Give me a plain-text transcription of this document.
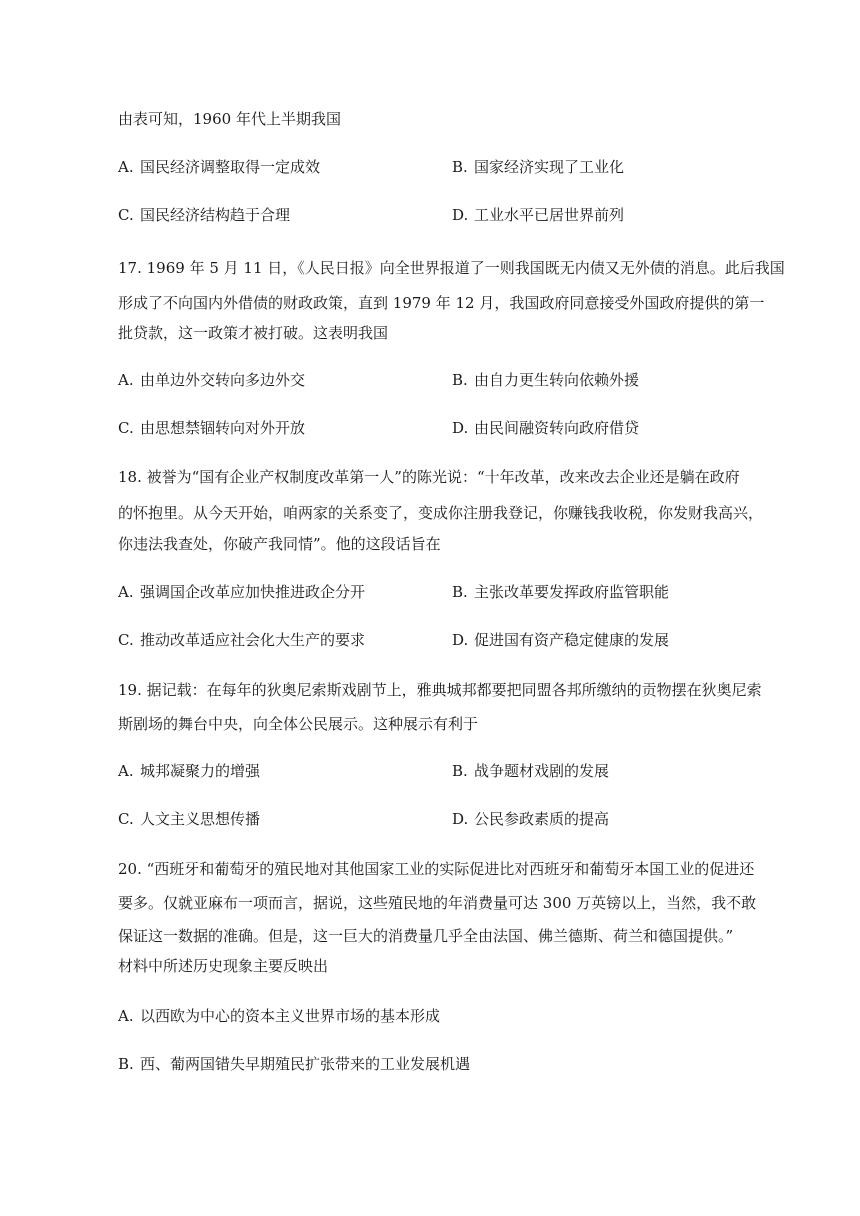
由表可知，1960 年代上半期我国
A. 国民经济调整取得一定成效	B. 国家经济实现了工业化
C. 国民经济结构趋于合理	D. 工业水平已居世界前列
17. 1969 年 5 月 11 日，《人民日报》向全世界报道了一则我国既无内债又无外债的消息。此后我国
形成了不向国内外借债的财政政策，直到 1979 年 12 月，我国政府同意接受外国政府提供的第一
批贷款，这一政策才被打破。这表明我国
A. 由单边外交转向多边外交	B. 由自力更生转向依赖外援
C. 由思想禁锢转向对外开放	D. 由民间融资转向政府借贷
18. 被誉为“国有企业产权制度改革第一人”的陈光说：“十年改革，改来改去企业还是躺在政府
的怀抱里。从今天开始，咱两家的关系变了，变成你注册我登记，你赚钱我收税，你发财我高兴，
你违法我查处，你破产我同情”。他的这段话旨在
A. 强调国企改革应加快推进政企分开	B. 主张改革要发挥政府监管职能
C. 推动改革适应社会化大生产的要求	D. 促进国有资产稳定健康的发展
19. 据记载：在每年的狄奥尼索斯戏剧节上，雅典城邦都要把同盟各邦所缴纳的贡物摆在狄奥尼索
斯剧场的舞台中央，向全体公民展示。这种展示有利于
A. 城邦凝聚力的增强	B. 战争题材戏剧的发展
C. 人文主义思想传播	D. 公民参政素质的提高
20. “西班牙和葡萄牙的殖民地对其他国家工业的实际促进比对西班牙和葡萄牙本国工业的促进还
要多。仅就亚麻布一项而言，据说，这些殖民地的年消费量可达 300 万英镑以上，当然，我不敢
保证这一数据的准确。但是，这一巨大的消费量几乎全由法国、佛兰德斯、荷兰和德国提供。”
材料中所述历史现象主要反映出
A. 以西欧为中心的资本主义世界市场的基本形成
B. 西、葡两国错失早期殖民扩张带来的工业发展机遇
